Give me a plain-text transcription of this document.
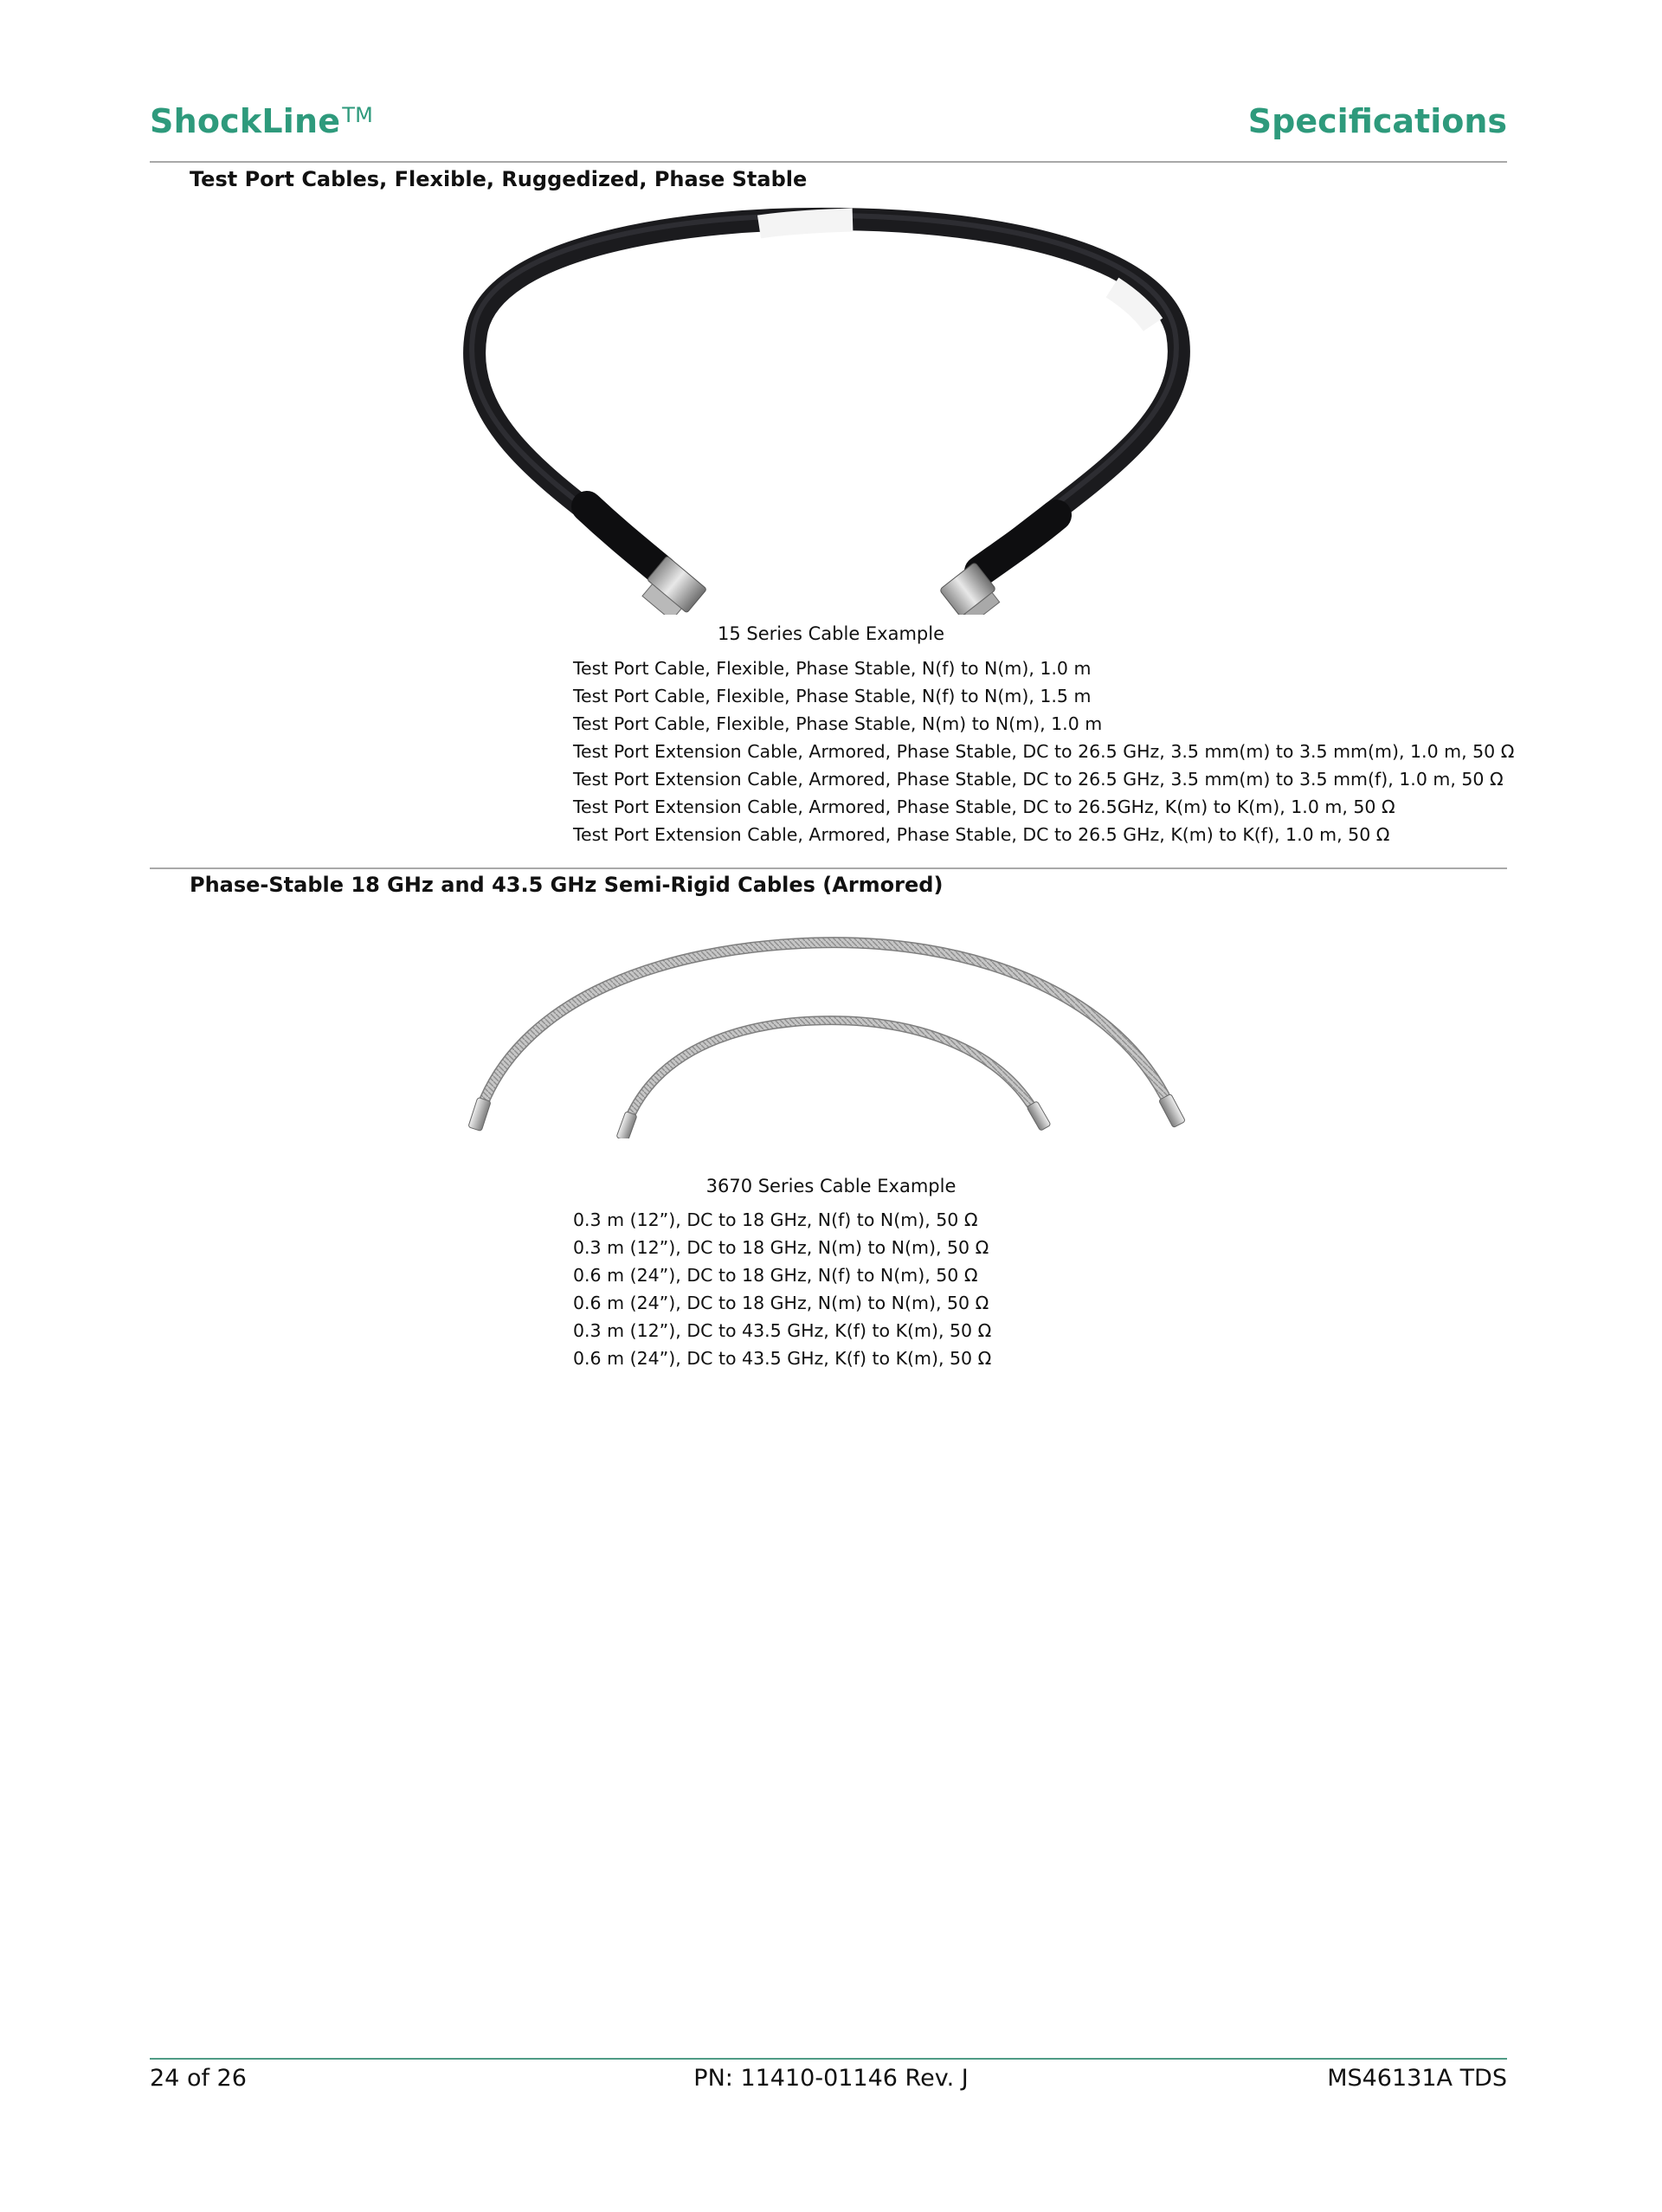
ShockLine™	Specifications
Test Port Cables, Flexible, Ruggedized, Phase Stable
15 Series Cable Example
Test Port Cable, Flexible, Phase Stable, N(f) to N(m), 1.0 m
Test Port Cable, Flexible, Phase Stable, N(f) to N(m), 1.5 m
Test Port Cable, Flexible, Phase Stable, N(m) to N(m), 1.0 m
Test Port Extension Cable, Armored, Phase Stable, DC to 26.5 GHz, 3.5 mm(m) to 3.5 mm(m), 1.0 m, 50 Ω
Test Port Extension Cable, Armored, Phase Stable, DC to 26.5 GHz, 3.5 mm(m) to 3.5 mm(f), 1.0 m, 50 Ω
Test Port Extension Cable, Armored, Phase Stable, DC to 26.5GHz, K(m) to K(m), 1.0 m, 50 Ω
Test Port Extension Cable, Armored, Phase Stable, DC to 26.5 GHz, K(m) to K(f), 1.0 m, 50 Ω
Phase-Stable 18 GHz and 43.5 GHz Semi-Rigid Cables (Armored)
3670 Series Cable Example
0.3 m (12”), DC to 18 GHz, N(f) to N(m), 50 Ω
0.3 m (12”), DC to 18 GHz, N(m) to N(m), 50 Ω
0.6 m (24”), DC to 18 GHz, N(f) to N(m), 50 Ω
0.6 m (24”), DC to 18 GHz, N(m) to N(m), 50 Ω
0.3 m (12”), DC to 43.5 GHz, K(f) to K(m), 50 Ω
0.6 m (24”), DC to 43.5 GHz, K(f) to K(m), 50 Ω
24 of 26	PN: 11410-01146 Rev. J	MS46131A TDS
